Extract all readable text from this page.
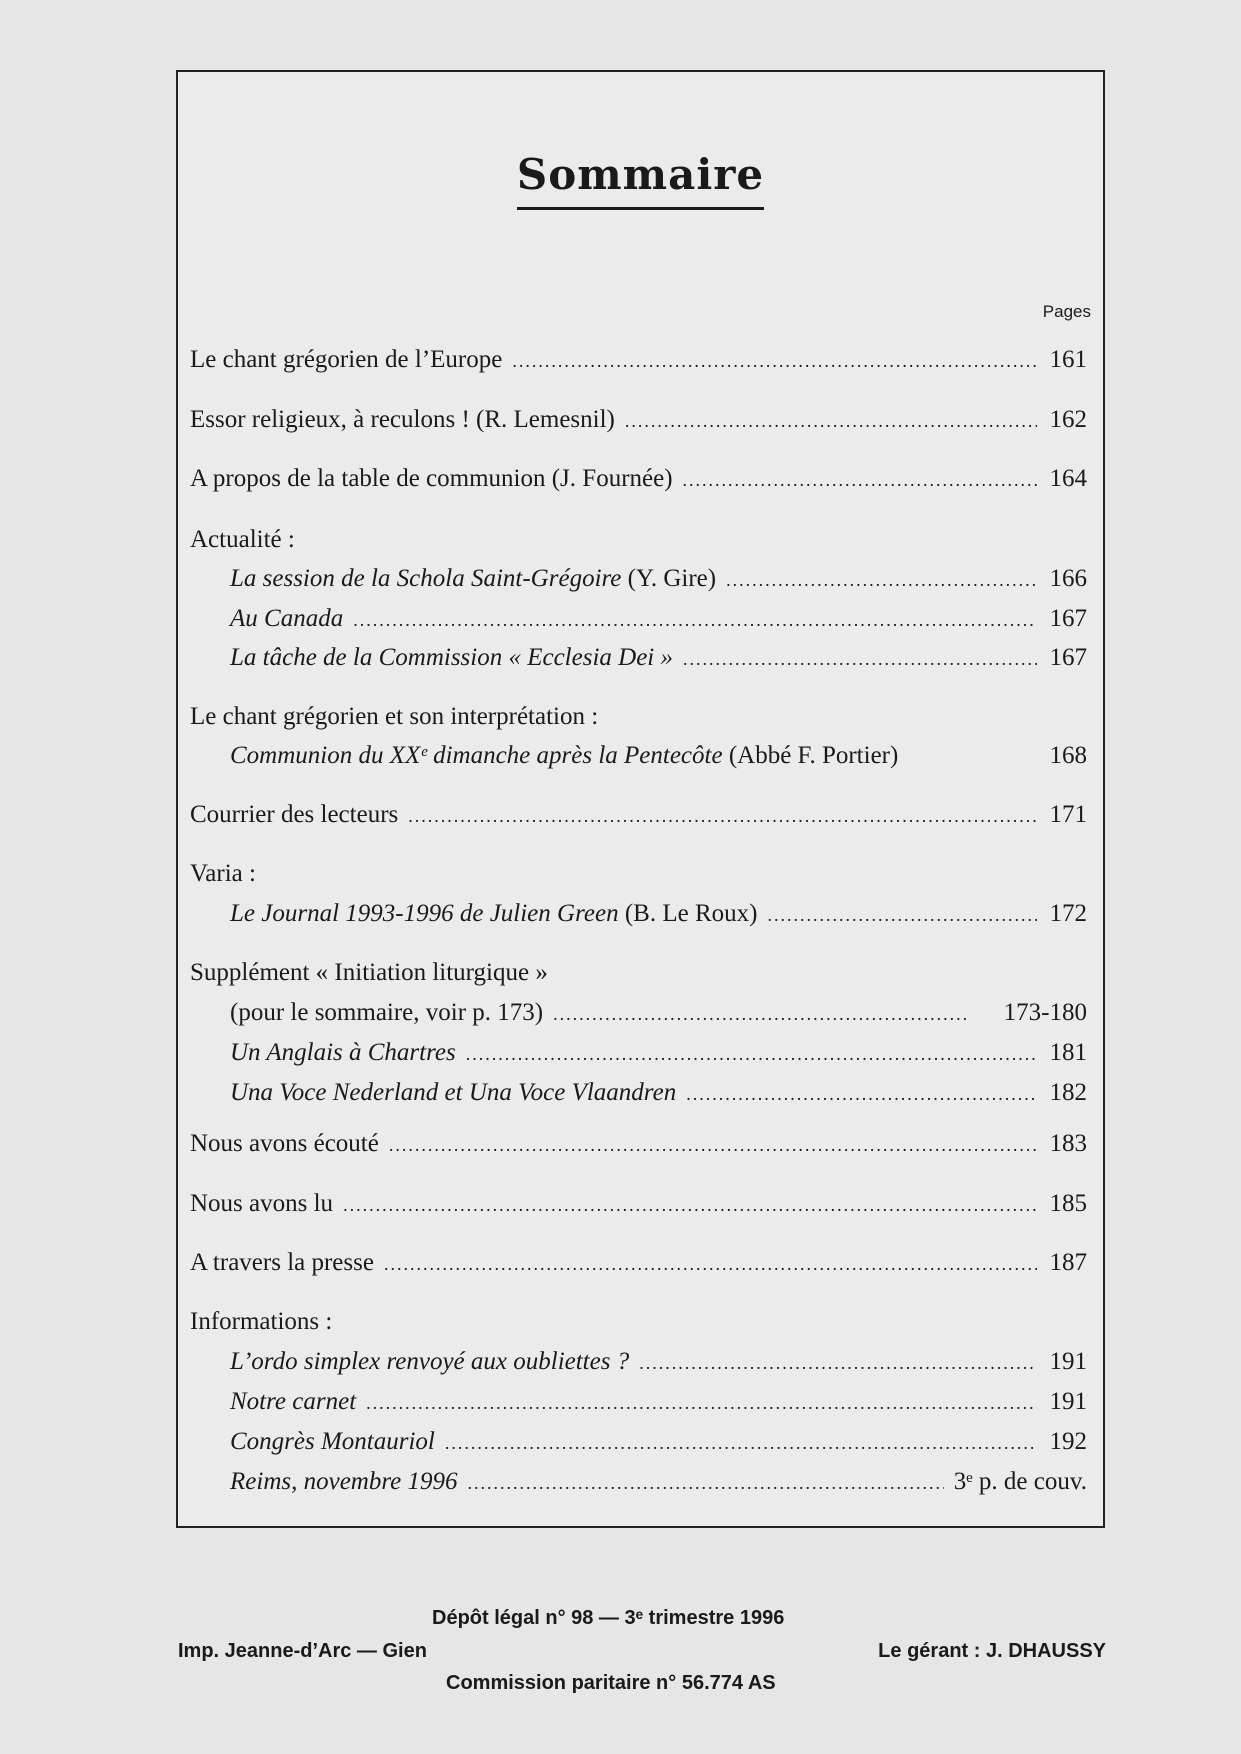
Sommaire
Pages
Le chant grégorien de l’Europe .....	161
Essor religieux, à reculons ! (R. Lemesnil) .....	162
A propos de la table de communion (J. Fournée) .....	164
Actualité :
La session de la Schola Saint-Grégoire (Y. Gire) .....	166
Au Canada .....	167
La tâche de la Commission « Ecclesia Dei » .....	167
Le chant grégorien et son interprétation :
Communion du XXᵉ dimanche après la Pentecôte (Abbé F. Portier)	168
Courrier des lecteurs .....	171
Varia :
Le Journal 1993-1996 de Julien Green (B. Le Roux) .....	172
Supplément « Initiation liturgique »
(pour le sommaire, voir p. 173) .....	173-180
Un Anglais à Chartres .....	181
Una Voce Nederland et Una Voce Vlaandren .....	182
Nous avons écouté .....	183
Nous avons lu .....	185
A travers la presse .....	187
Informations :
L’ordo simplex renvoyé aux oubliettes ? .....	191
Notre carnet .....	191
Congrès Montauriol .....	192
Reims, novembre 1996 .....	3ᵉ p. de couv.
Dépôt légal n° 98 — 3ᵉ trimestre 1996
Imp. Jeanne-d’Arc — Gien	Le gérant : J. DHAUSSY
Commission paritaire n° 56.774 AS
